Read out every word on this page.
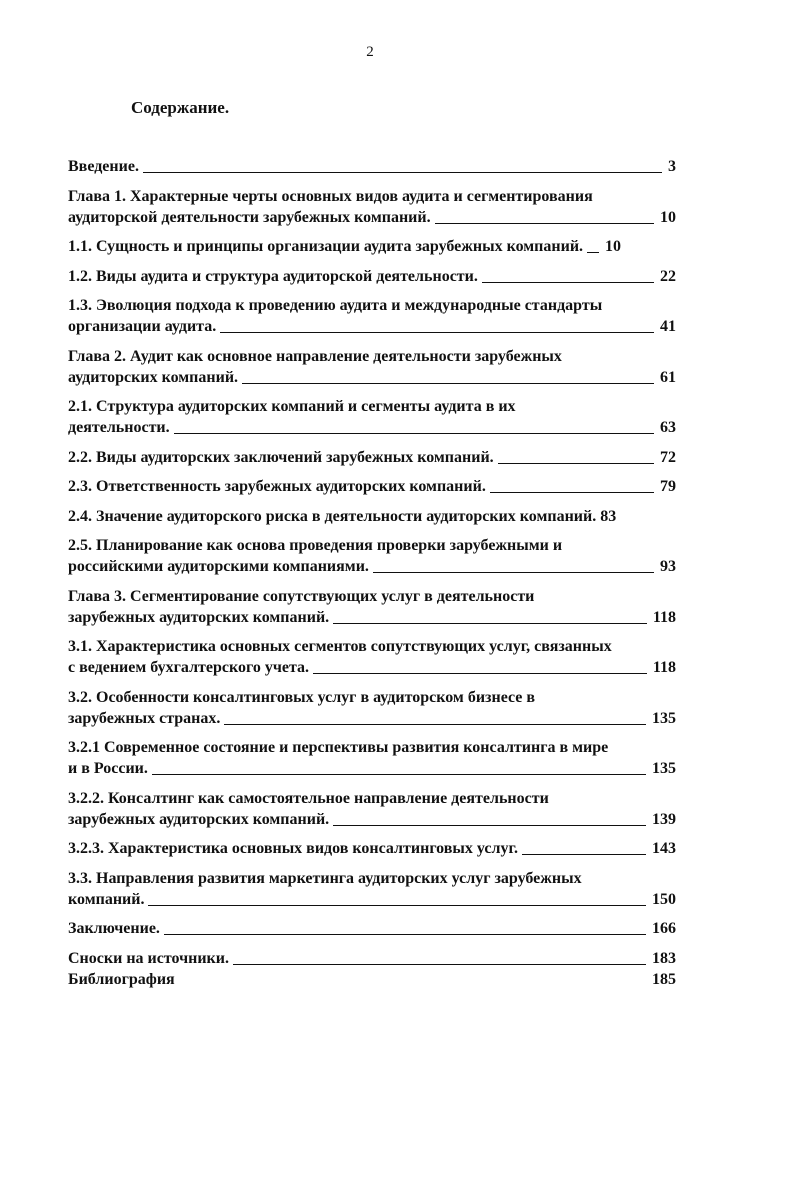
2
Содержание.
Введение.	3
Глава 1. Характерные черты основных видов аудита и сегментирования
аудиторской деятельности зарубежных компаний.	10
1.1. Сущность и принципы организации аудита зарубежных компаний. 10
1.2. Виды аудита и структура аудиторской деятельности.	22
1.3. Эволюция подхода к проведению аудита и международные стандарты
организации аудита.	41
Глава 2. Аудит как основное направление деятельности зарубежных
аудиторских компаний.	61
2.1. Структура аудиторских компаний и сегменты аудита в их
деятельности.	63
2.2. Виды аудиторских заключений зарубежных компаний.	72
2.3. Ответственность зарубежных аудиторских компаний.	79
2.4. Значение аудиторского риска в деятельности аудиторских компаний. 83
2.5. Планирование как основа проведения проверки зарубежными и
российскими аудиторскими компаниями.	93
Глава 3. Сегментирование сопутствующих услуг в деятельности
зарубежных аудиторских компаний.	118
3.1. Характеристика основных сегментов сопутствующих услуг, связанных
с ведением бухгалтерского учета.	118
3.2. Особенности консалтинговых услуг в аудиторском бизнесе в
зарубежных странах.	135
3.2.1 Современное состояние и перспективы развития консалтинга в мире
и в России.	135
3.2.2. Консалтинг как самостоятельное направление деятельности
зарубежных аудиторских компаний.	139
3.2.3. Характеристика основных видов консалтинговых услуг.	143
3.3. Направления развития маркетинга аудиторских услуг зарубежных
компаний.	150
Заключение.	166
Сноски на источники.	183
Библиография	185
